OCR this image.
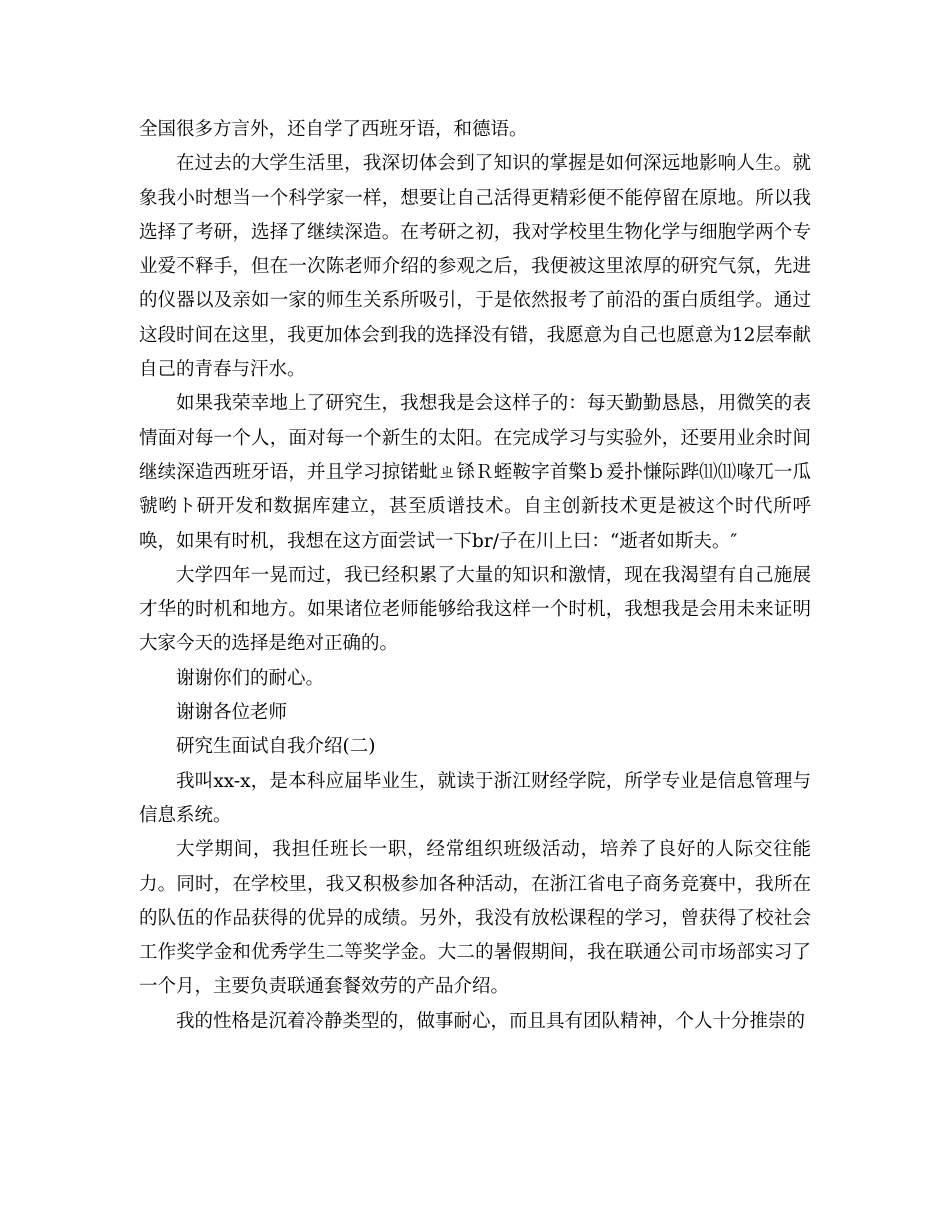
全国很多方言外，还自学了西班牙语，和德语。

在过去的大学生活里，我深切体会到了知识的掌握是如何深远地影响人生。就象我小时想当一个科学家一样，想要让自己活得更精彩便不能停留在原地。所以我选择了考研，选择了继续深造。在考研之初，我对学校里生物化学与细胞学两个专业爱不释手，但在一次陈老师介绍的参观之后，我便被这里浓厚的研究气氛，先进的仪器以及亲如一家的师生关系所吸引，于是依然报考了前沿的蛋白质组学。通过这段时间在这里，我更加体会到我的选择没有错，我愿意为自己也愿意为12层奉献自己的青春与汗水。

如果我荣幸地上了研究生，我想我是会这样子的：每天勤勤恳恳，用微笑的表情面对每一个人，面对每一个新生的太阳。在完成学习与实验外，还要用业余时间继续深造西班牙语，并且学习掠锘蚍ㄓ铩Ｒ蛭鞍字首檠ｂ爰扑慊际跸⑾⑾喙兀一瓜虢哟ト研开发和数据库建立，甚至质谱技术。自主创新技术更是被这个时代所呼唤，如果有时机，我想在这方面尝试一下br/子在川上曰：“逝者如斯夫。″

大学四年一晃而过，我已经积累了大量的知识和激情，现在我渴望有自己施展才华的时机和地方。如果诸位老师能够给我这样一个时机，我想我是会用未来证明大家今天的选择是绝对正确的。

谢谢你们的耐心。

谢谢各位老师

研究生面试自我介绍(二)

我叫xx-x，是本科应届毕业生，就读于浙江财经学院，所学专业是信息管理与信息系统。

大学期间，我担任班长一职，经常组织班级活动，培养了良好的人际交往能力。同时，在学校里，我又积极参加各种活动，在浙江省电子商务竞赛中，我所在的队伍的作品获得的优异的成绩。另外，我没有放松课程的学习，曾获得了校社会工作奖学金和优秀学生二等奖学金。大二的暑假期间，我在联通公司市场部实习了一个月，主要负责联通套餐效劳的产品介绍。

我的性格是沉着冷静类型的，做事耐心，而且具有团队精神，个人十分推崇的
